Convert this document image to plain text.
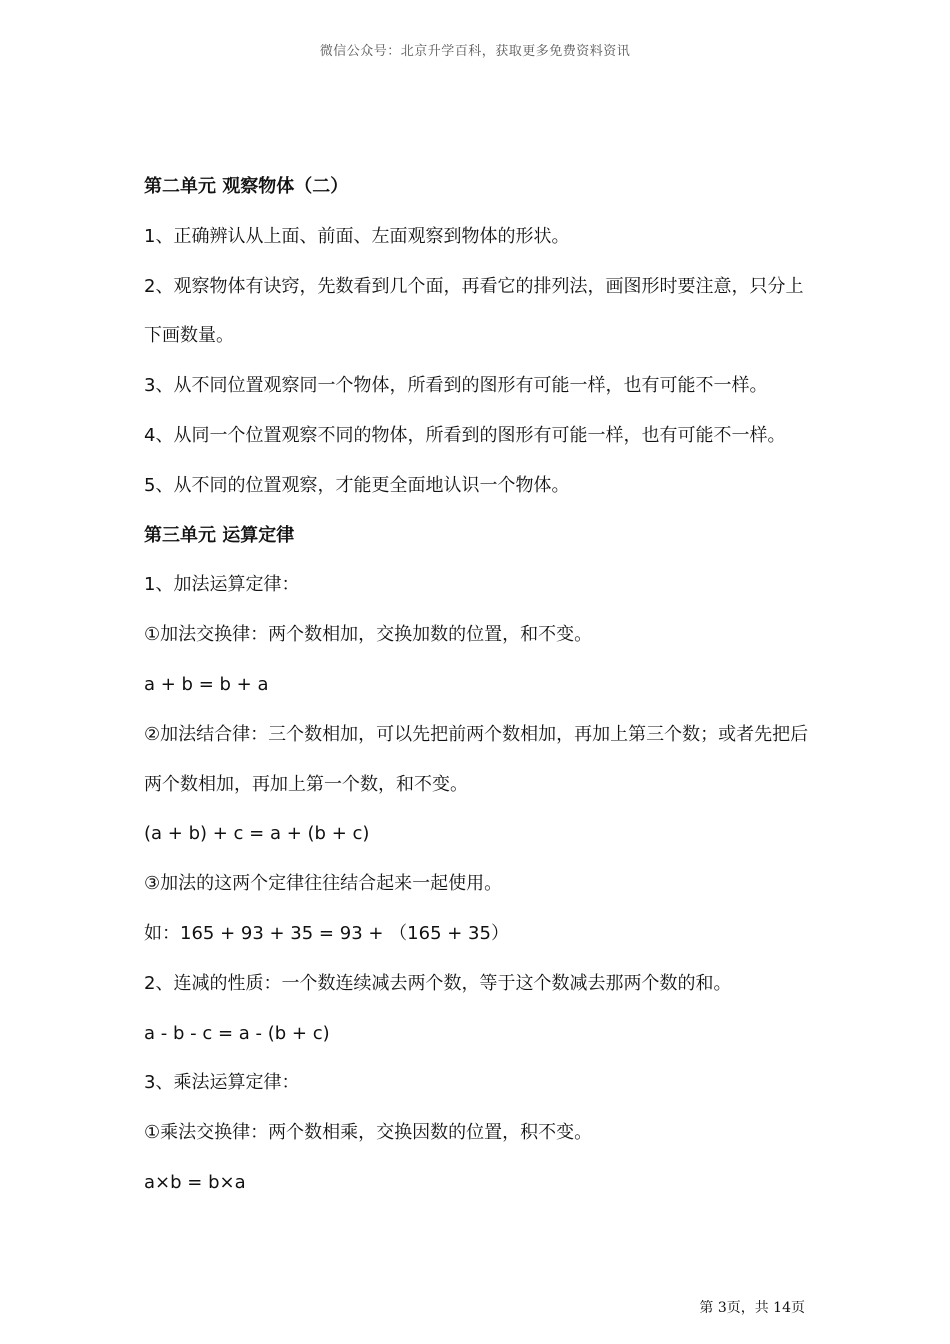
微信公众号：北京升学百科，获取更多免费资料资讯
第二单元 观察物体（二）
1、正确辨认从上面、前面、左面观察到物体的形状。
2、观察物体有诀窍，先数看到几个面，再看它的排列法，画图形时要注意，只分上下画数量。
3、从不同位置观察同一个物体，所看到的图形有可能一样，也有可能不一样。
4、从同一个位置观察不同的物体，所看到的图形有可能一样，也有可能不一样。
5、从不同的位置观察，才能更全面地认识一个物体。
第三单元 运算定律
1、加法运算定律：
①加法交换律：两个数相加，交换加数的位置，和不变。
a + b = b + a
②加法结合律：三个数相加，可以先把前两个数相加，再加上第三个数；或者先把后两个数相加，再加上第一个数，和不变。
(a + b) + c = a + (b + c)
③加法的这两个定律往往结合起来一起使用。
如：165 + 93 + 35 = 93 + （165 + 35）
2、连减的性质：一个数连续减去两个数，等于这个数减去那两个数的和。
a - b - c = a - (b + c)
3、乘法运算定律：
①乘法交换律：两个数相乘，交换因数的位置，积不变。
a×b = b×a
第 3页，共 14页
